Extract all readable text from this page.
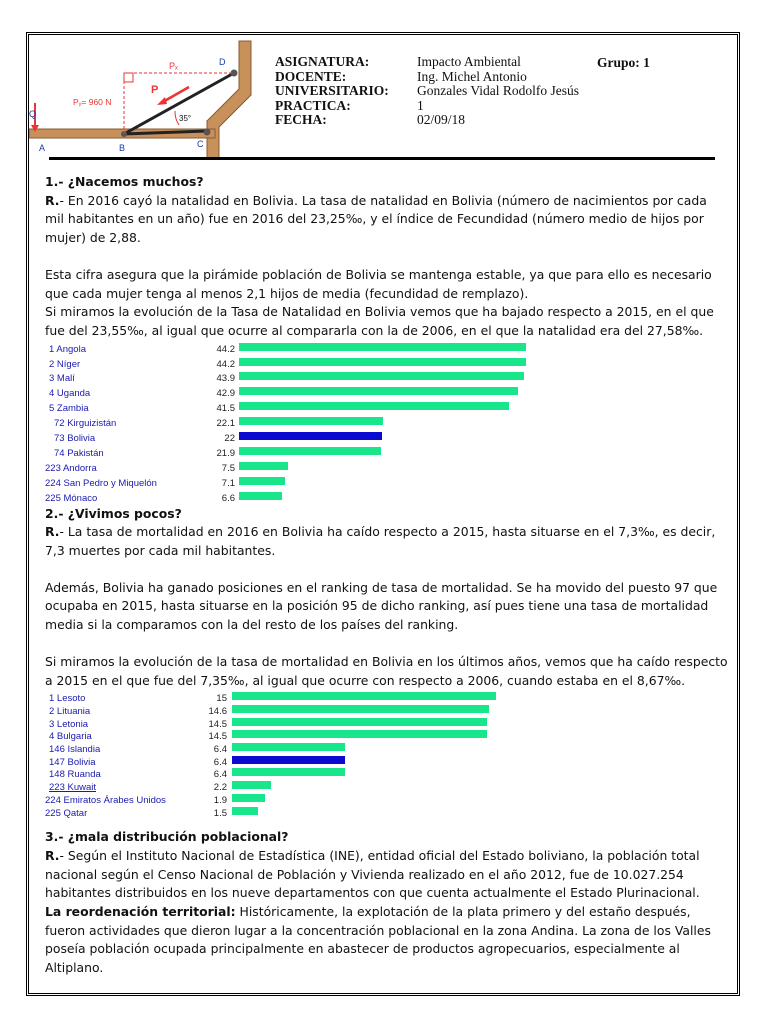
Pₓ	D
P
Pᵧ= 960 N
35°
A	B	C
Q
ASIGNATURA:	Impacto Ambiental
DOCENTE:	Ing. Michel Antonio
UNIVERSITARIO:	Gonzales Vidal Rodolfo Jesús
PRACTICA:	1
FECHA:	02/09/18
Grupo: 1

1.- ¿Nacemos muchos?

R.- En 2016 cayó la natalidad en Bolivia. La tasa de natalidad en Bolivia (número de nacimientos por cada mil habitantes en un año) fue en 2016 del 23,25‰, y el índice de Fecundidad (número medio de hijos por mujer) de 2,88.

Esta cifra asegura que la pirámide población de Bolivia se mantenga estable, ya que para ello es necesario que cada mujer tenga al menos 2,1 hijos de media (fecundidad de remplazo).

Si miramos la evolución de la Tasa de Natalidad en Bolivia vemos que ha bajado respecto a 2015, en el que fue del 23,55‰, al igual que ocurre al compararla con la de 2006, en el que la natalidad era del 27,58‰.

1 Angola	44.2
2 Níger	44.2
3 Malí	43.9
4 Uganda	42.9
5 Zambia	41.5
72 Kirguizistán	22.1
73 Bolivia	22
74 Pakistán	21.9
223 Andorra	7.5
224 San Pedro y Miquelón	7.1
225 Mónaco	6.6

2.- ¿Vivimos pocos?

R.- La tasa de mortalidad en 2016 en Bolivia ha caído respecto a 2015, hasta situarse en el 7,3‰, es decir, 7,3 muertes por cada mil habitantes.

Además, Bolivia ha ganado posiciones en el ranking de tasa de mortalidad. Se ha movido del puesto 97 que ocupaba en 2015, hasta situarse en la posición 95 de dicho ranking, así pues tiene una tasa de mortalidad media si la comparamos con la del resto de los países del ranking.

Si miramos la evolución de la tasa de mortalidad en Bolivia en los últimos años, vemos que ha caído respecto a 2015 en el que fue del 7,35‰, al igual que ocurre con respecto a 2006, cuando estaba en el 8,67‰.

1 Lesoto	15
2 Lituania	14.6
3 Letonia	14.5
4 Bulgaria	14.5
146 Islandia	6.4
147 Bolivia	6.4
148 Ruanda	6.4
223 Kuwait	2.2
224 Emiratos Árabes Unidos	1.9
225 Qatar	1.5

3.- ¿mala distribución poblacional?

R.- Según el Instituto Nacional de Estadística (INE), entidad oficial del Estado boliviano, la población total nacional según el Censo Nacional de Población y Vivienda realizado en el año 2012, fue de 10.027.254 habitantes distribuidos en los nueve departamentos con que cuenta actualmente el Estado Plurinacional.

La reordenación territorial: Históricamente, la explotación de la plata primero y del estaño después, fueron actividades que dieron lugar a la concentración poblacional en la zona Andina. La zona de los Valles poseía población ocupada principalmente en abastecer de productos agropecuarios, especialmente al Altiplano.
